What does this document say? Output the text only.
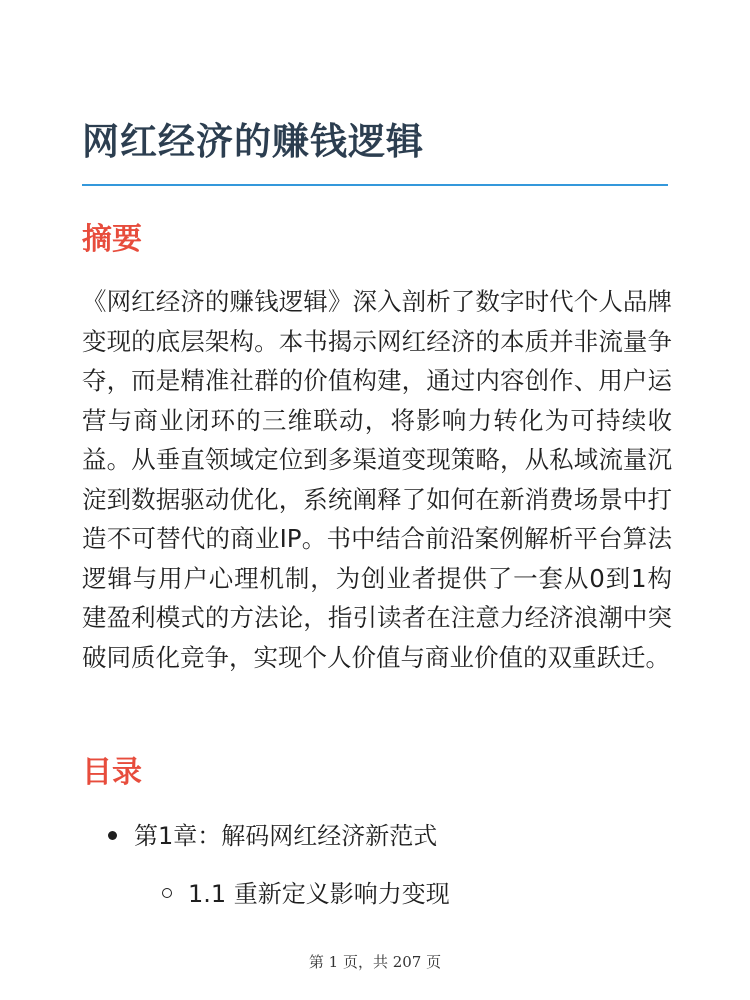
网红经济的赚钱逻辑
摘要

《网红经济的赚钱逻辑》深入剖析了数字时代个人品牌变现的底层架构。本书揭示网红经济的本质并非流量争夺，而是精准社群的价值构建，通过内容创作、用户运营与商业闭环的三维联动，将影响力转化为可持续收益。从垂直领域定位到多渠道变现策略，从私域流量沉淀到数据驱动优化，系统阐释了如何在新消费场景中打造不可替代的商业IP。书中结合前沿案例解析平台算法逻辑与用户心理机制，为创业者提供了一套从0到1构建盈利模式的方法论，指引读者在注意力经济浪潮中突破同质化竞争，实现个人价值与商业价值的双重跃迁。

目录
第1章：解码网红经济新范式
1.1 重新定义影响力变现
第 1 页，共 207 页
